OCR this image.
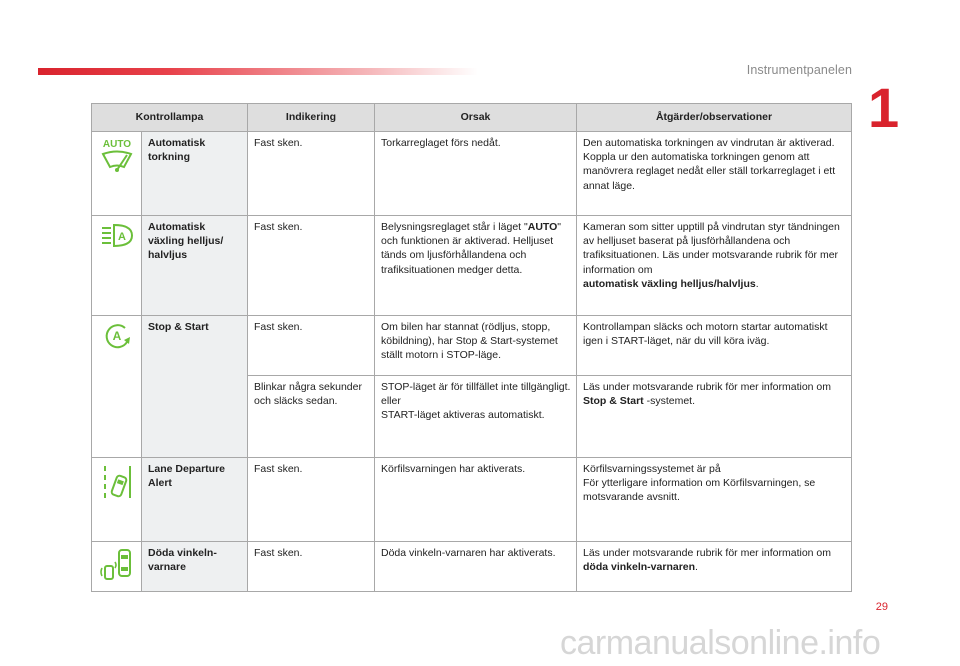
Instrumentpanelen
1
Kontrollampa		Indikering	Orsak	Åtgärder/observationer

AUTO	Automatisk torkning	Fast sken.	Torkarreglaget förs nedåt.	Den automatiska torkningen av vindrutan är aktiverad. Koppla ur den automatiska torkningen genom att manövrera reglaget nedåt eller ställ torkarreglaget i ett annat läge.

A	Automatisk växling helljus/ halvljus	Fast sken.	Belysningsreglaget står i läget "AUTO" och funktionen är aktiverad. Helljuset tänds om ljusförhållandena och trafiksituationen medger detta.	Kameran som sitter upptill på vindrutan styr tändningen av helljuset baserat på ljusförhållandena och trafiksituationen. Läs under motsvarande rubrik för mer information om
automatisk växling helljus/halvljus.

A	Stop & Start	Fast sken.	Om bilen har stannat (rödljus, stopp, köbildning), har Stop & Start-systemet ställt motorn i STOP-läge.	Kontrollampan släcks och motorn startar automatiskt igen i START-läget, när du vill köra iväg.
		Blinkar några sekunder och släcks sedan.	STOP-läget är för tillfället inte tillgängligt.
eller
START-läget aktiveras automatiskt.	Läs under motsvarande rubrik för mer information om
Stop & Start -systemet.

	Lane Departure Alert	Fast sken.	Körfilsvarningen har aktiverats.	Körfilsvarningssystemet är på
För ytterligare information om Körfilsvarningen, se motsvarande avsnitt.

	Döda vinkeln-varnare	Fast sken.	Döda vinkeln-varnaren har aktiverats.	Läs under motsvarande rubrik för mer information om
döda vinkeln-varnaren.
29
carmanualsonline.info
